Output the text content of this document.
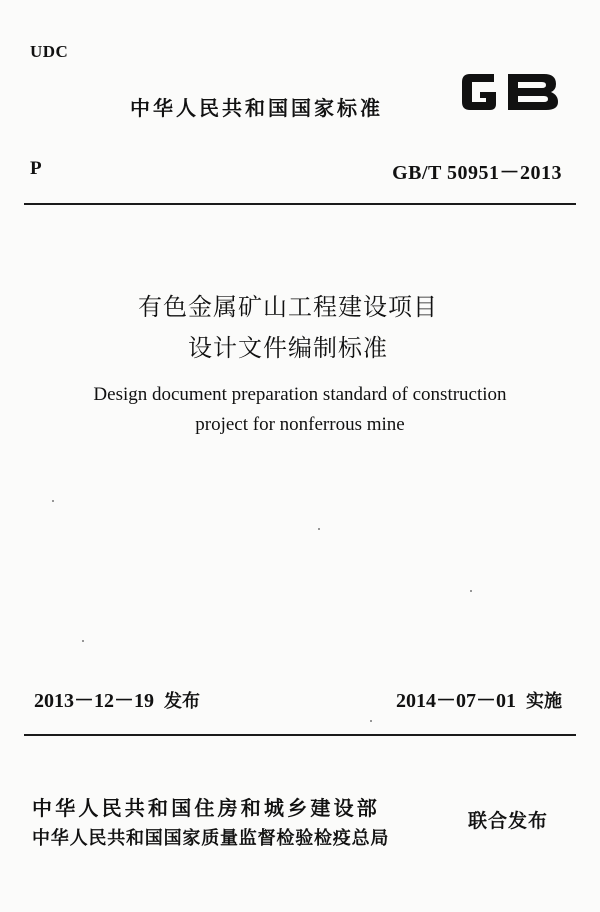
UDC
中华人民共和国国家标准
P	GB/T 50951－2013
有色金属矿山工程建设项目
设计文件编制标准
Design document preparation standard of construction
project for nonferrous mine
2013－12－19 发布	2014－07－01 实施
中华人民共和国住房和城乡建设部
中华人民共和国国家质量监督检验检疫总局
联合发布
